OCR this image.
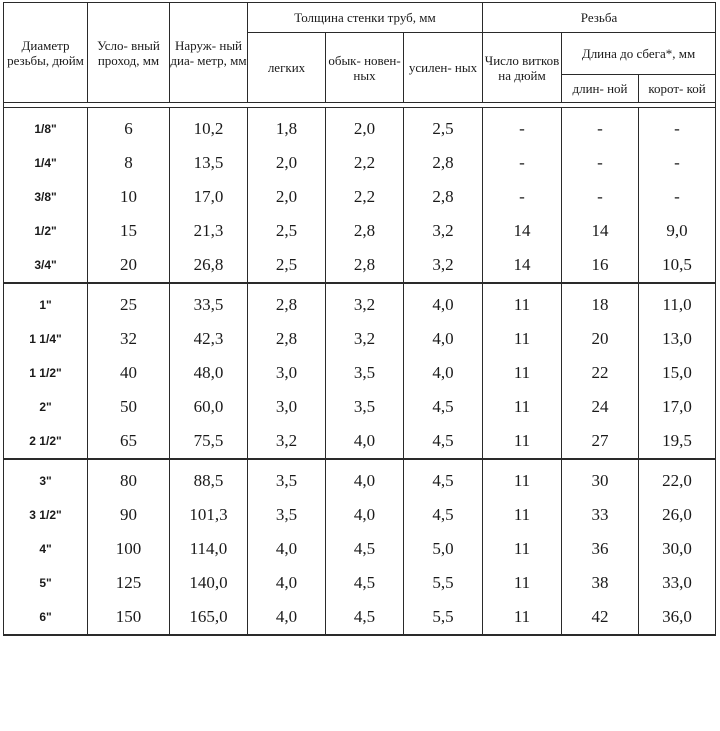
Диаметр резьбы, дюйм	Усло- вный проход, мм	Наруж- ный диа- метр, мм	Толщина стенки труб, мм			Резьба		
			легких	обык- новен- ных	усилен- ных	Число витков на дюйм	Длина до сбега*, мм	
							длин- ной	корот- кой

1/8"	6	10,2	1,8	2,0	2,5	-	-	-
1/4"	8	13,5	2,0	2,2	2,8	-	-	-
3/8"	10	17,0	2,0	2,2	2,8	-	-	-
1/2"	15	21,3	2,5	2,8	3,2	14	14	9,0
3/4"	20	26,8	2,5	2,8	3,2	14	16	10,5
1"	25	33,5	2,8	3,2	4,0	11	18	11,0
1 1/4"	32	42,3	2,8	3,2	4,0	11	20	13,0
1 1/2"	40	48,0	3,0	3,5	4,0	11	22	15,0
2"	50	60,0	3,0	3,5	4,5	11	24	17,0
2 1/2"	65	75,5	3,2	4,0	4,5	11	27	19,5
3"	80	88,5	3,5	4,0	4,5	11	30	22,0
3 1/2"	90	101,3	3,5	4,0	4,5	11	33	26,0
4"	100	114,0	4,0	4,5	5,0	11	36	30,0
5"	125	140,0	4,0	4,5	5,5	11	38	33,0
6"	150	165,0	4,0	4,5	5,5	11	42	36,0
